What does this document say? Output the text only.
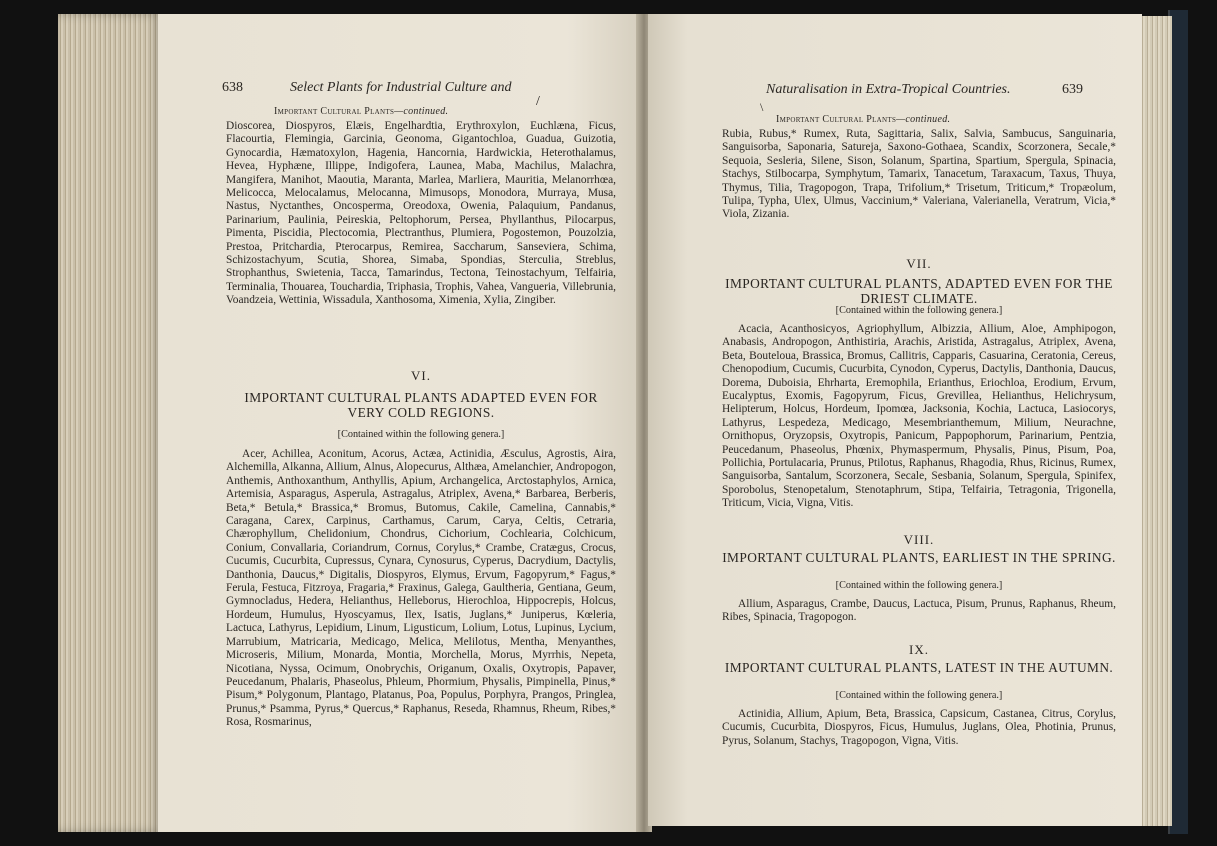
638	Select Plants for Industrial Culture and
/
Important Cultural Plants—continued.
Dioscorea, Diospyros, Elæis, Engelhardtia, Erythroxylon, Euchlæna, Ficus, Flacourtia, Flemingia, Garcinia, Geonoma, Gigantochloa, Guadua, Guizotia, Gynocardia, Hæmatoxylon, Hagenia, Hancornia, Hardwickia, Heterothalamus, Hevea, Hyphæne, Illippe, Indigofera, Launea, Maba, Machilus, Malachra, Mangifera, Manihot, Maoutia, Maranta, Marlea, Marliera, Mauritia, Melanorrhœa, Melicocca, Melocalamus, Melocanna, Mimusops, Monodora, Murraya, Musa, Nastus, Nyctanthes, Oncosperma, Oreodoxa, Owenia, Palaquium, Pandanus, Parinarium, Paulinia, Peireskia, Peltophorum, Persea, Phyllanthus, Pilocarpus, Pimenta, Piscidia, Plectocomia, Plectranthus, Plumiera, Pogostemon, Pouzolzia, Prestoa, Pritchardia, Pterocarpus, Remirea, Saccharum, Sanseviera, Schima, Schizostachyum, Scutia, Shorea, Simaba, Spondias, Sterculia, Streblus, Strophanthus, Swietenia, Tacca, Tamarindus, Tectona, Teinostachyum, Telfairia, Terminalia, Thouarea, Touchardia, Triphasia, Trophis, Vahea, Vangueria, Villebrunia, Voandzeia, Wettinia, Wissadula, Xanthosoma, Ximenia, Xylia, Zingiber.
VI.
IMPORTANT CULTURAL PLANTS ADAPTED EVEN FOR VERY COLD REGIONS.
[Contained within the following genera.]
Acer, Achillea, Aconitum, Acorus, Actæa, Actinidia, Æsculus, Agrostis, Aira, Alchemilla, Alkanna, Allium, Alnus, Alopecurus, Althæa, Amelanchier, Andropogon, Anthemis, Anthoxanthum, Anthyllis, Apium, Archangelica, Arctostaphylos, Arnica, Artemisia, Asparagus, Asperula, Astragalus, Atriplex, Avena,* Barbarea, Berberis, Beta,* Betula,* Brassica,* Bromus, Butomus, Cakile, Camelina, Cannabis,* Caragana, Carex, Carpinus, Carthamus, Carum, Carya, Celtis, Cetraria, Chærophyllum, Chelidonium, Chondrus, Cichorium, Cochlearia, Colchicum, Conium, Convallaria, Coriandrum, Cornus, Corylus,* Crambe, Cratægus, Crocus, Cucumis, Cucurbita, Cupressus, Cynara, Cynosurus, Cyperus, Dacrydium, Dactylis, Danthonia, Daucus,* Digitalis, Diospyros, Elymus, Ervum, Fagopyrum,* Fagus,* Ferula, Festuca, Fitzroya, Fragaria,* Fraxinus, Galega, Gaultheria, Gentiana, Geum, Gymnocladus, Hedera, Helianthus, Helleborus, Hierochloa, Hippocrepis, Holcus, Hordeum, Humulus, Hyoscyamus, Ilex, Isatis, Juglans,* Juniperus, Kœleria, Lactuca, Lathyrus, Lepidium, Linum, Ligusticum, Lolium, Lotus, Lupinus, Lycium, Marrubium, Matricaria, Medicago, Melica, Melilotus, Mentha, Menyanthes, Microseris, Milium, Monarda, Montia, Morchella, Morus, Myrrhis, Nepeta, Nicotiana, Nyssa, Ocimum, Onobrychis, Origanum, Oxalis, Oxytropis, Papaver, Peucedanum, Phalaris, Phaseolus, Phleum, Phormium, Physalis, Pimpinella, Pinus,* Pisum,* Polygonum, Plantago, Platanus, Poa, Populus, Porphyra, Prangos, Pringlea, Prunus,* Psamma, Pyrus,* Quercus,* Raphanus, Reseda, Rhamnus, Rheum, Ribes,* Rosa, Rosmarinus,
Naturalisation in Extra-Tropical Countries.	639
\
Important Cultural Plants—continued.
Rubia, Rubus,* Rumex, Ruta, Sagittaria, Salix, Salvia, Sambucus, Sanguinaria, Sanguisorba, Saponaria, Satureja, Saxono-Gothaea, Scandix, Scorzonera, Secale,* Sequoia, Sesleria, Silene, Sison, Solanum, Spartina, Spartium, Spergula, Spinacia, Stachys, Stilbocarpa, Symphytum, Tamarix, Tanacetum, Taraxacum, Taxus, Thuya, Thymus, Tilia, Tragopogon, Trapa, Trifolium,* Trisetum, Triticum,* Tropæolum, Tulipa, Typha, Ulex, Ulmus, Vaccinium,* Valeriana, Valerianella, Veratrum, Vicia,* Viola, Zizania.
VII.
IMPORTANT CULTURAL PLANTS, ADAPTED EVEN FOR THE DRIEST CLIMATE.
[Contained within the following genera.]
Acacia, Acanthosicyos, Agriophyllum, Albizzia, Allium, Aloe, Amphipogon, Anabasis, Andropogon, Anthistiria, Arachis, Aristida, Astragalus, Atriplex, Avena, Beta, Bouteloua, Brassica, Bromus, Callitris, Capparis, Casuarina, Ceratonia, Cereus, Chenopodium, Cucumis, Cucurbita, Cynodon, Cyperus, Dactylis, Danthonia, Daucus, Dorema, Duboisia, Ehrharta, Eremophila, Erianthus, Eriochloa, Erodium, Ervum, Eucalyptus, Exomis, Fagopyrum, Ficus, Grevillea, Helianthus, Helichrysum, Helipterum, Holcus, Hordeum, Ipomœa, Jacksonia, Kochia, Lactuca, Lasiocorys, Lathyrus, Lespedeza, Medicago, Mesembrianthemum, Milium, Neurachne, Ornithopus, Oryzopsis, Oxytropis, Panicum, Pappophorum, Parinarium, Pentzia, Peucedanum, Phaseolus, Phœnix, Phymaspermum, Physalis, Pinus, Pisum, Poa, Pollichia, Portulacaria, Prunus, Ptilotus, Raphanus, Rhagodia, Rhus, Ricinus, Rumex, Sanguisorba, Santalum, Scorzonera, Secale, Sesbania, Solanum, Spergula, Spinifex, Sporobolus, Stenopetalum, Stenotaphrum, Stipa, Telfairia, Tetragonia, Trigonella, Triticum, Vicia, Vigna, Vitis.
VIII.
IMPORTANT CULTURAL PLANTS, EARLIEST IN THE SPRING.
[Contained within the following genera.]
Allium, Asparagus, Crambe, Daucus, Lactuca, Pisum, Prunus, Raphanus, Rheum, Ribes, Spinacia, Tragopogon.
IX.
IMPORTANT CULTURAL PLANTS, LATEST IN THE AUTUMN.
[Contained within the following genera.]
Actinidia, Allium, Apium, Beta, Brassica, Capsicum, Castanea, Citrus, Corylus, Cucumis, Cucurbita, Diospyros, Ficus, Humulus, Juglans, Olea, Photinia, Prunus, Pyrus, Solanum, Stachys, Tragopogon, Vigna, Vitis.
